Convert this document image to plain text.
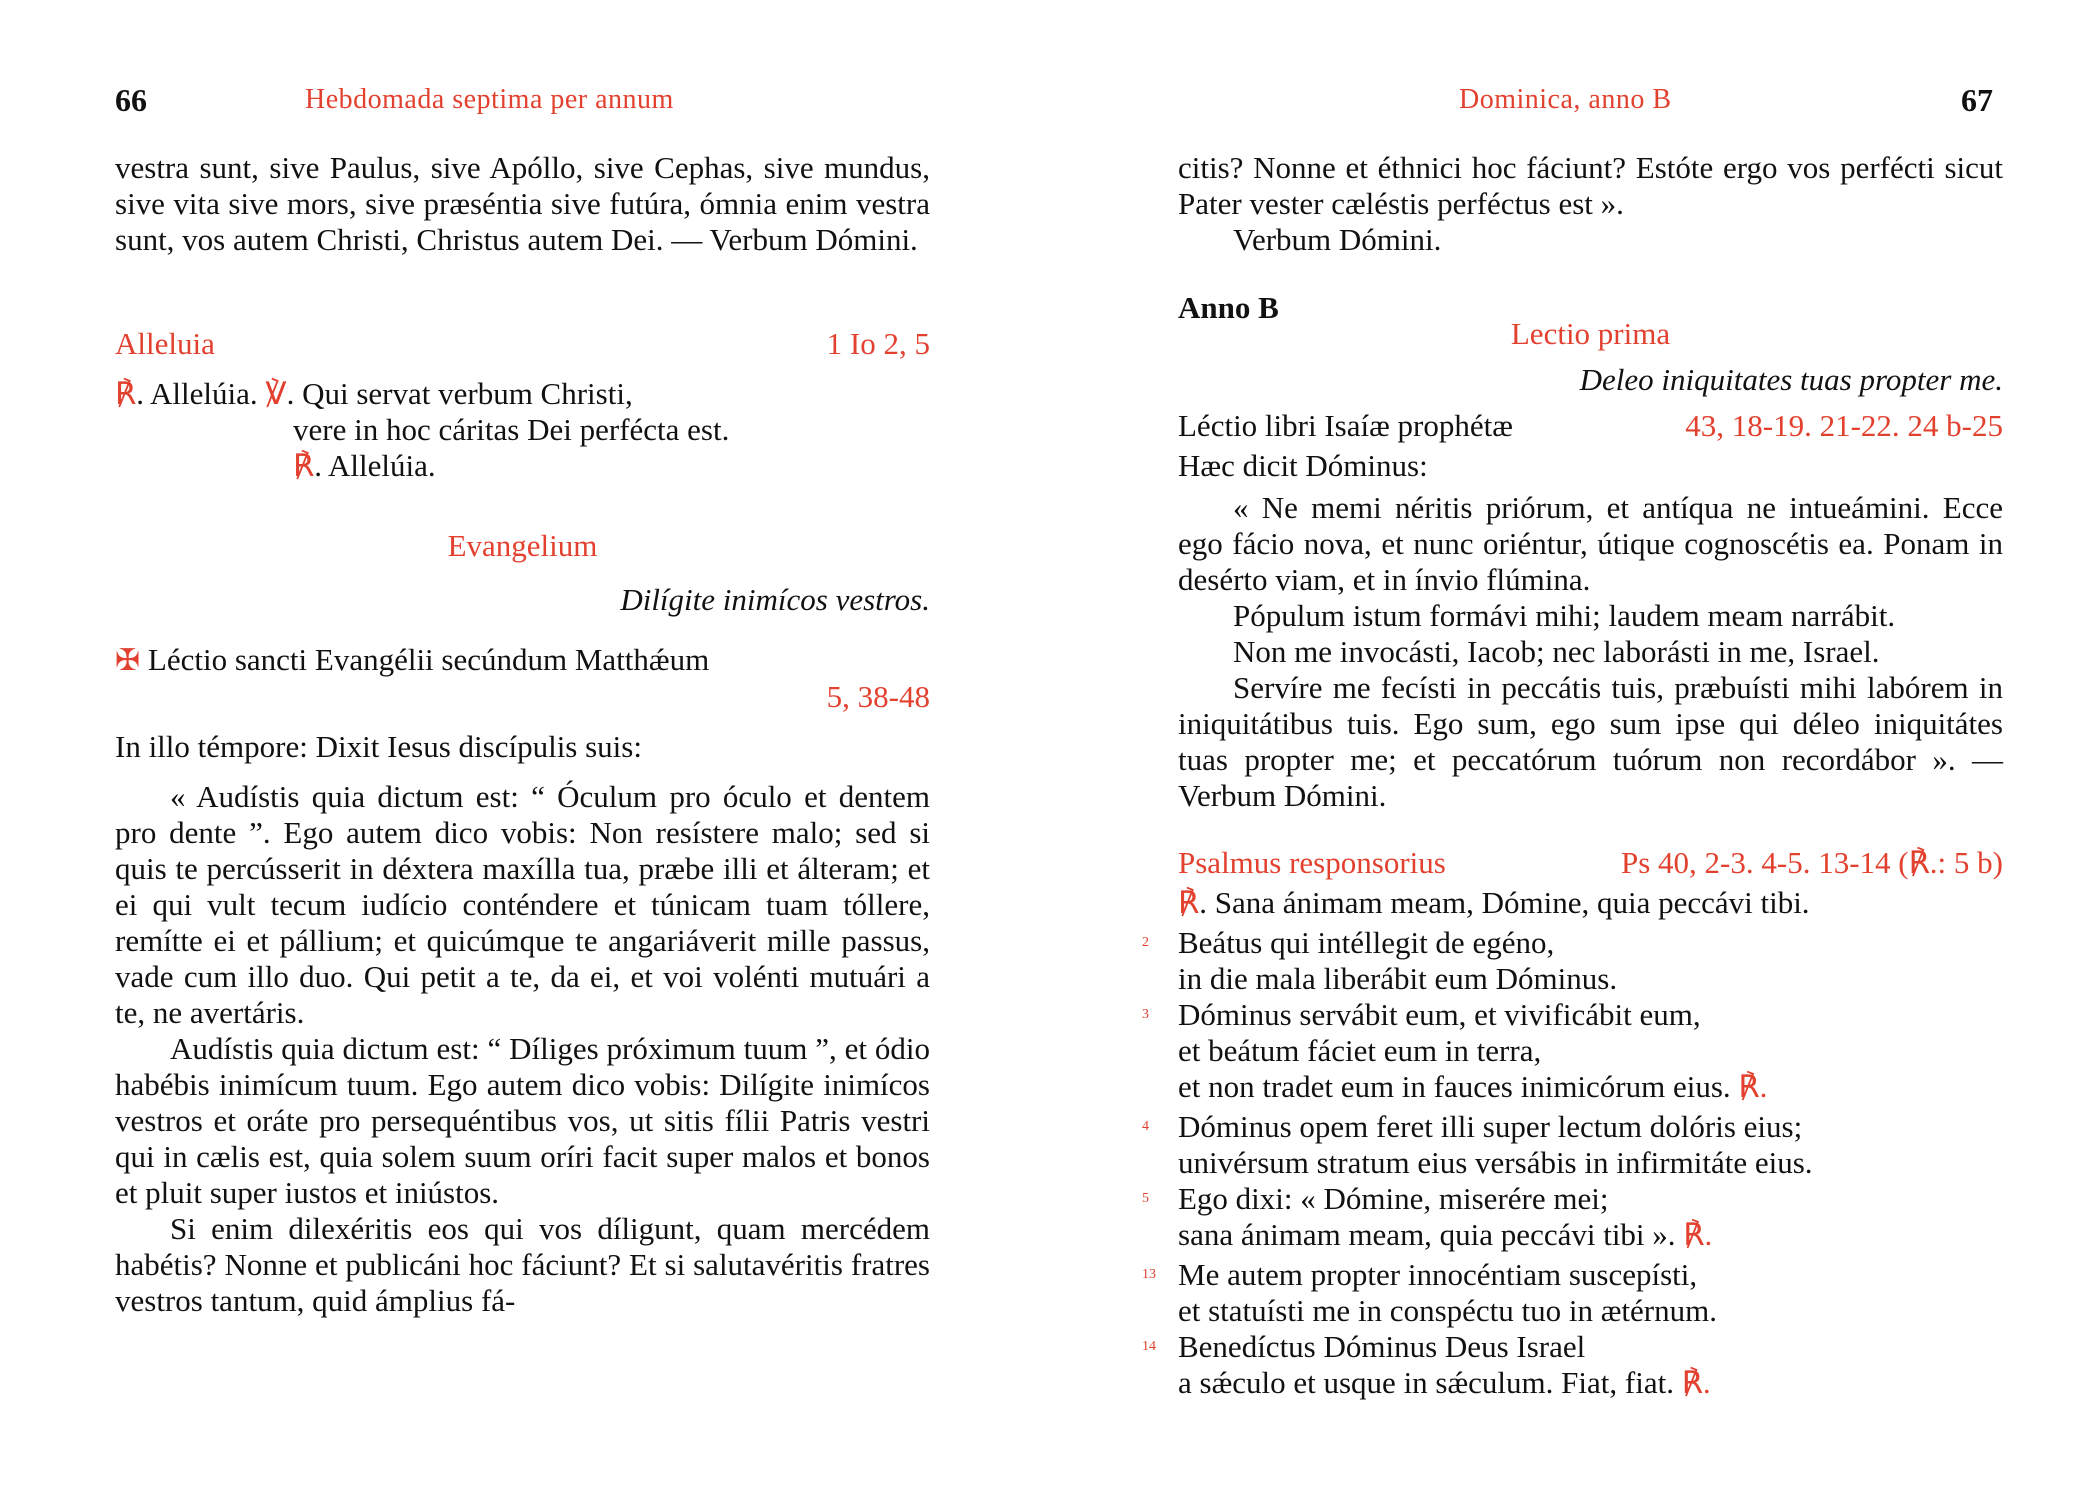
66	Hebdomada septima per annum
vestra sunt, sive Paulus, sive Apóllo, sive Cephas, sive mundus, sive vita sive mors, sive præséntia sive futúra, ómnia enim vestra sunt, vos autem Christi, Christus autem Dei. — Verbum Dómini.
Alleluia	1 Io 2, 5
℟. Allelúia. ℣. Qui servat verbum Christi,
vere in hoc cáritas Dei perfécta est.
℟. Allelúia.
Evangelium
Dilígite inimícos vestros.
✠ Léctio sancti Evangélii secúndum Matthǽum
5, 38-48
In illo témpore: Dixit Iesus discípulis suis:

« Audístis quia dictum est: “ Óculum pro óculo et dentem pro dente ”. Ego autem dico vobis: Non resístere malo; sed si quis te percússerit in déxtera maxílla tua, præbe illi et álteram; et ei qui vult tecum iudício conténdere et túnicam tuam tóllere, remítte ei et pállium; et quicúmque te angariáverit mille passus, vade cum illo duo. Qui petit a te, da ei, et voi volénti mutuári a te, ne avertáris.

Audístis quia dictum est: “ Díliges próximum tuum ”, et ódio habébis inimícum tuum. Ego autem dico vobis: Dilígite inimícos vestros et oráte pro persequéntibus vos, ut sitis fílii Patris vestri qui in cælis est, quia solem suum oríri facit super malos et bonos et pluit super iustos et iniústos.

Si enim dilexéritis eos qui vos díligunt, quam mercédem habétis? Nonne et publicáni hoc fáciunt? Et si salutavéritis fratres vestros tantum, quid ámplius fá-

Dominica, anno B	67

citis? Nonne et éthnici hoc fáciunt? Estóte ergo vos perfécti sicut Pater vester cæléstis perféctus est ».

Verbum Dómini.

Anno B
Lectio prima
Deleo iniquitates tuas propter me.
Léctio libri Isaíæ prophétæ	43, 18-19. 21-22. 24 b-25
Hæc dicit Dóminus:

« Ne memi néritis priórum, et antíqua ne intueámini. Ecce ego fácio nova, et nunc oriéntur, útique cognoscétis ea. Ponam in desérto viam, et in ínvio flúmina.

Pópulum istum formávi mihi; laudem meam narrábit.

Non me invocásti, Iacob; nec laborásti in me, Israel.

Servíre me fecísti in peccátis tuis, præbuísti mihi labórem in iniquitátibus tuis. Ego sum, ego sum ipse qui déleo iniquitátes tuas propter me; et peccatórum tuórum non recordábor ». — Verbum Dómini.

Psalmus responsorius	Ps 40, 2-3. 4-5. 13-14 (℟.: 5 b)
℟. Sana ánimam meam, Dómine, quia peccávi tibi.
2 Beátus qui intéllegit de egéno,
in die mala liberábit eum Dóminus.
3 Dóminus servábit eum, et vivificábit eum,
et beátum fáciet eum in terra,
et non tradet eum in fauces inimicórum eius. ℟.
4 Dóminus opem feret illi super lectum dolóris eius;
univérsum stratum eius versábis in infirmitáte eius.
5 Ego dixi: « Dómine, miserére mei;
sana ánimam meam, quia peccávi tibi ». ℟.
13 Me autem propter innocéntiam suscepísti,
et statuísti me in conspéctu tuo in ætérnum.
14 Benedíctus Dóminus Deus Israel
a sǽculo et usque in sǽculum. Fiat, fiat. ℟.
